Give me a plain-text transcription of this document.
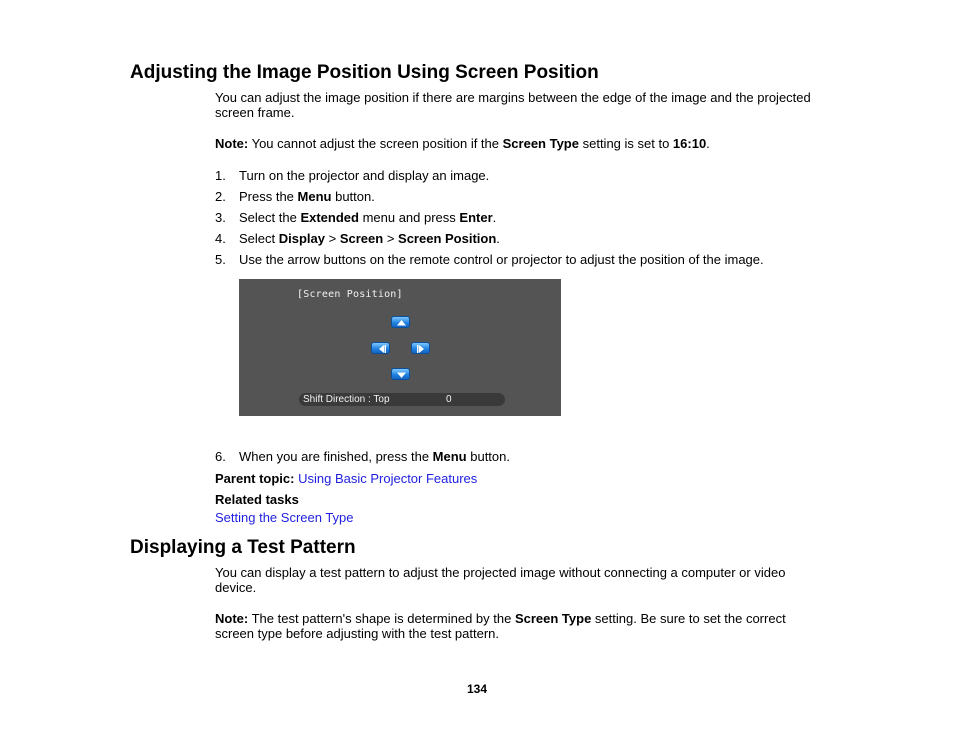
Adjusting the Image Position Using Screen Position

You can adjust the image position if there are margins between the edge of the image and the projected
screen frame.

Note: You cannot adjust the screen position if the Screen Type setting is set to 16:10.

1.	Turn on the projector and display an image.
2.	Press the Menu button.
3.	Select the Extended menu and press Enter.
4.	Select Display > Screen > Screen Position.
5.	Use the arrow buttons on the remote control or projector to adjust the position of the image.
[Screen Position]
Shift Direction : Top	0
6.	When you are finished, press the Menu button.

Parent topic: Using Basic Projector Features

Related tasks

Setting the Screen Type

Displaying a Test Pattern

You can display a test pattern to adjust the projected image without connecting a computer or video
device.

Note: The test pattern's shape is determined by the Screen Type setting. Be sure to set the correct
screen type before adjusting with the test pattern.

134
